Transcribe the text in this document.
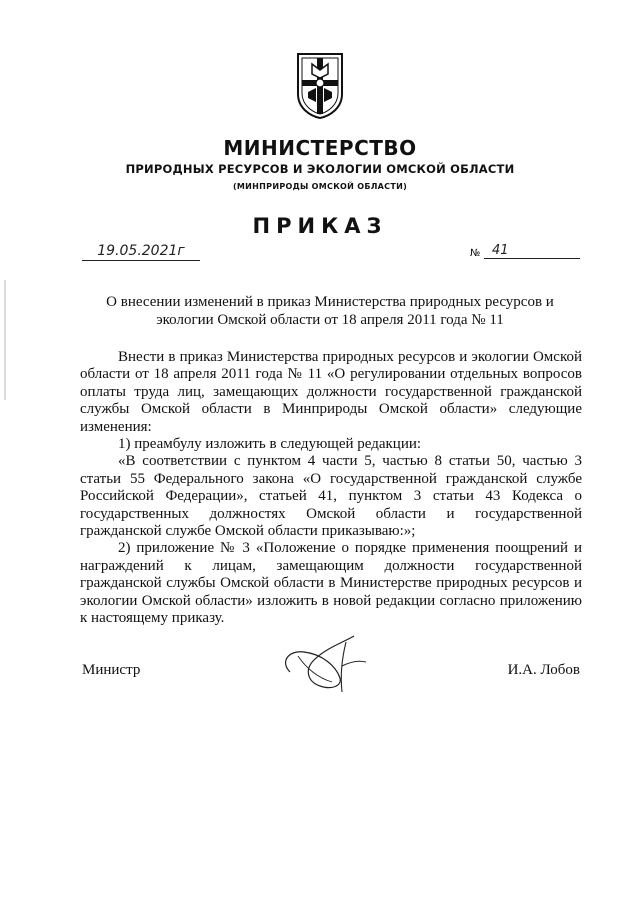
МИНИСТЕРСТВО
ПРИРОДНЫХ РЕСУРСОВ И ЭКОЛОГИИ ОМСКОЙ ОБЛАСТИ
(МИНПРИРОДЫ ОМСКОЙ ОБЛАСТИ)
ПРИКАЗ
19.05.2021г	№ 41
О внесении изменений в приказ Министерства природных ресурсов и экологии Омской области от 18 апреля 2011 года № 11

Внести в приказ Министерства природных ресурсов и экологии Омской области от 18 апреля 2011 года № 11 «О регулировании отдельных вопросов оплаты труда лиц, замещающих должности государственной гражданской службы Омской области в Минприроды Омской области» следующие изменения:

1) преамбулу изложить в следующей редакции:

«В соответствии с пунктом 4 части 5, частью 8 статьи 50, частью 3 статьи 55 Федерального закона «О государственной гражданской службе Российской Федерации», статьей 41, пунктом 3 статьи 43 Кодекса о государственных должностях Омской области и государственной гражданской службе Омской области приказываю:»;

2) приложение № 3 «Положение о порядке применения поощрений и награждений к лицам, замещающим должности государственной гражданской службы Омской области в Министерстве природных ресурсов и экологии Омской области» изложить в новой редакции согласно приложению к настоящему приказу.

Министр	И.А. Лобов
